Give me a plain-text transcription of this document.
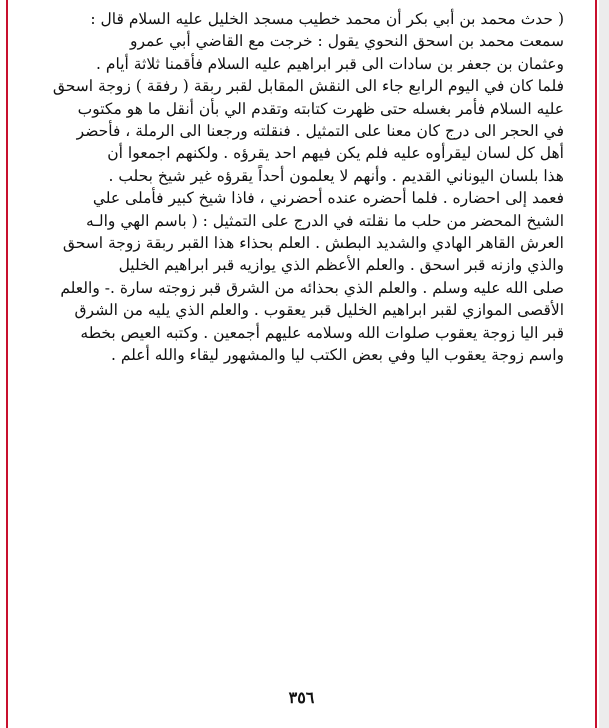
( حدث محمد بن أبي بكر أن محمد خطيب مسجد الخليل عليه السلام قال :
سمعت محمد بن اسحق النحوي يقول : خرجت مع القاضي أبي عمرو
وعثمان بن جعفر بن سادات الى قبر ابراهيم عليه السلام فأقمنا ثلاثة أيام .
فلما كان في اليوم الرابع جاء الى النقش المقابل لقبر ربقة ( رفقة ) زوجة اسحق
عليه السلام فأمر بغسله حتى ظهرت كتابته وتقدم الي بأن أنقل ما هو مكتوب
في الحجر الى درج كان معنا على التمثيل . فنقلته ورجعنا الى الرملة ، فأحضر
أهل كل لسان ليقرأوه عليه فلم يكن فيهم احد يقرؤه . ولكنهم اجمعوا أن
هذا بلسان اليوناني القديم . وأنهم لا يعلمون أحداً يقرؤه غير شيخ بحلب .
فعمد إلى احضاره . فلما أحضره عنده أحضرني ، فاذا شيخ كبير فأملى علي
الشيخ المحضر من حلب ما نقلته في الدرج على التمثيل : ( باسم الهي والـه
العرش القاهر الهادي والشديد البطش . العلم بحذاء هذا القبر ربقة زوجة اسحق
والذي وازنه قبر اسحق . والعلم الأعظم الذي يوازيه قبر ابراهيم الخليل
صلى الله عليه وسلم . والعلم الذي بحذائه من الشرق قبر زوجته سارة .- والعلم
الأقصى الموازي لقبر ابراهيم الخليل قبر يعقوب . والعلم الذي يليه من الشرق
قبر اليا زوجة يعقوب صلوات الله وسلامه عليهم أجمعين . وكتبه العيص بخطه
واسم زوجة يعقوب اليا وفي بعض الكتب ليا والمشهور ليقاء والله أعلم .
٣٥٦
